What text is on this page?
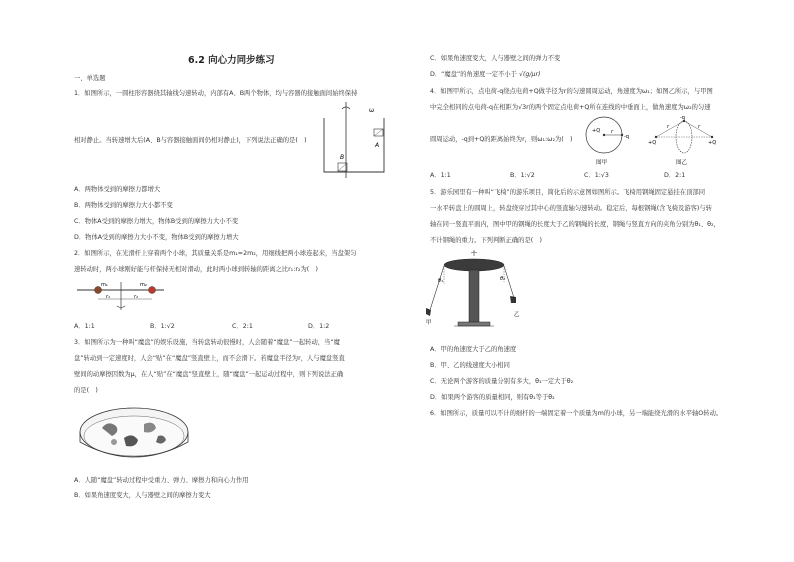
6.2 向心力同步练习
一、单选题
1．如图所示，一圆柱形容器绕其轴线匀速转动，内部有A、B两个物体，均与容器的接触面间始终保持
相对静止。当转速增大后(A、B与容器接触面间仍相对静止)，下列说法正确的是(　)
ω
A
B
A．两物体受到的摩擦力都增大
B．两物体受到的摩擦力大小都不变
C．物体A受到的摩擦力增大，物体B受到的摩擦力大小不变
D．物体A受到的摩擦力大小不变，物体B受到的摩擦力增大
2．如图所示，在光滑杆上穿着两个小球，其质量关系是m₁=2m₂，用细线把两小球连起来，当盘架匀
速转动时，两小球刚好能与杆保持无相对滑动，此时两小球到转轴的距离之比r₁:r₂为(　)
m₁	m₂
r₁	r₂
A．1:1	B．1:√2	C．2:1	D．1:2
3．如图所示为一种叫“魔盘”的娱乐设施，当转盘转动很慢时，人会随着“魔盘”一起转动，当“魔
盘”转动到一定速度时，人会“贴”在“魔盘”竖直壁上，而不会滑下。若魔盘半径为r，人与魔盘竖直
壁间的动摩擦因数为μ，在人“贴”在“魔盘”竖直壁上，随“魔盘”一起运动过程中，则下列说法正确
的是(　)
A．人随“魔盘”转动过程中受重力、弹力、摩擦力和向心力作用
B．如果角速度变大，人与器壁之间的摩擦力变大
C．如果角速度变大，人与器壁之间的弹力不变
D．“魔盘”的角速度一定不小于 √(g/μr)
4．如图甲所示，点电荷-q绕点电荷+Q做半径为r的匀速圆周运动，角速度为ω₁；如图乙所示，与甲图
中完全相同的点电荷-q在相距为√3r的两个固定点电荷+Q所在连线的中垂面上，做角速度为ω₂的匀速
圆周运动，-q到+Q的距离始终为r，则ω₁:ω₂为(　)
+Q r
-q
图甲
-q
+Q	+Q
r	r
图乙
A．1:1	B．1:√2	C．1:√3	D．2:1
5．游乐园里有一种叫“飞椅”的游乐项目，简化后的示意图如图所示。飞椅用钢绳固定悬挂在顶部同
一水平转盘上的圆周上，转盘绕穿过其中心的竖直轴匀速转动。稳定后，每根钢绳(含飞椅及游客)与转
轴在同一竖直平面内，图中甲的钢绳的长度大于乙的钢绳的长度，钢绳与竖直方向的夹角分别为θ₁、θ₂，
不计钢绳的重力。下列判断正确的是(　)
θ₁
甲
θ₂
乙
A．甲的角速度大于乙的角速度
B．甲、乙的线速度大小相同
C．无论两个游客的质量分别有多大，θ₁一定大于θ₂
D．如果两个游客的质量相同，则有θ₁等于θ₂
6．如图所示，质量可以不计的细杆的一端固定着一个质量为m的小球，另一端能绕光滑的水平轴O转动。
